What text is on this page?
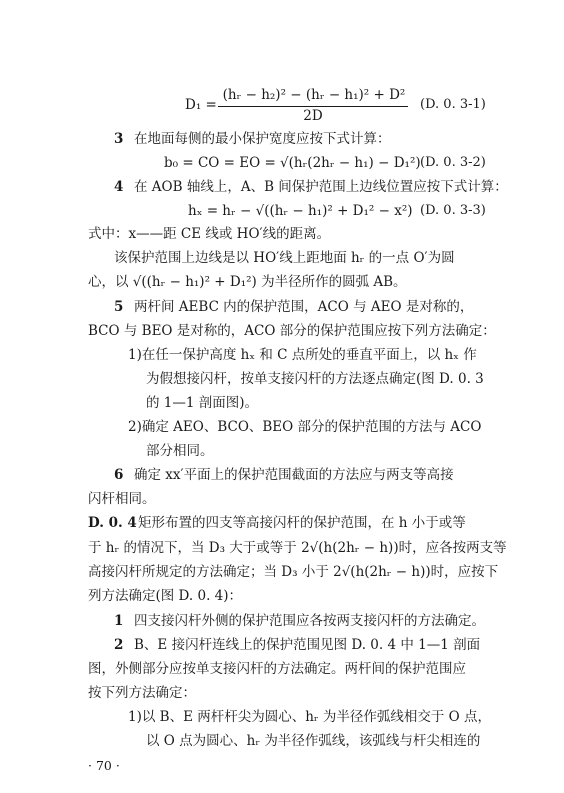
D₁ =
(hᵣ − h₂)² − (hᵣ − h₁)² + D²
2D
(D. 0. 3-1)
3 在地面每侧的最小保护宽度应按下式计算：
b₀ = CO = EO = √(hᵣ(2hᵣ − h₁) − D₁²) (D. 0. 3-2)
4 在 AOB 轴线上，A、B 间保护范围上边线位置应按下式计算：
hₓ = hᵣ − √((hᵣ − h₁)² + D₁² − x²) (D. 0. 3-3)
式中：x——距 CE 线或 HO′线的距离。
该保护范围上边线是以 HO′线上距地面 hᵣ 的一点 O′为圆
心，以 √((hᵣ − h₁)² + D₁²) 为半径所作的圆弧 AB。
5 两杆间 AEBC 内的保护范围，ACO 与 AEO 是对称的，
BCO 与 BEO 是对称的，ACO 部分的保护范围应按下列方法确定：
1)在任一保护高度 hₓ 和 C 点所处的垂直平面上，以 hₓ 作
为假想接闪杆，按单支接闪杆的方法逐点确定(图 D. 0. 3
的 1—1 剖面图)。
2)确定 AEO、BCO、BEO 部分的保护范围的方法与 ACO
部分相同。
6 确定 xx′平面上的保护范围截面的方法应与两支等高接
闪杆相同。
D. 0. 4 矩形布置的四支等高接闪杆的保护范围，在 h 小于或等
于 hᵣ 的情况下，当 D₃ 大于或等于 2√(h(2hᵣ − h))时，应各按两支等
高接闪杆所规定的方法确定；当 D₃ 小于 2√(h(2hᵣ − h))时，应按下
列方法确定(图 D. 0. 4)：
1 四支接闪杆外侧的保护范围应各按两支接闪杆的方法确定。
2 B、E 接闪杆连线上的保护范围见图 D. 0. 4 中 1—1 剖面
图，外侧部分应按单支接闪杆的方法确定。两杆间的保护范围应
按下列方法确定：
1)以 B、E 两杆杆尖为圆心、hᵣ 为半径作弧线相交于 O 点，
以 O 点为圆心、hᵣ 为半径作弧线，该弧线与杆尖相连的
· 70 ·
